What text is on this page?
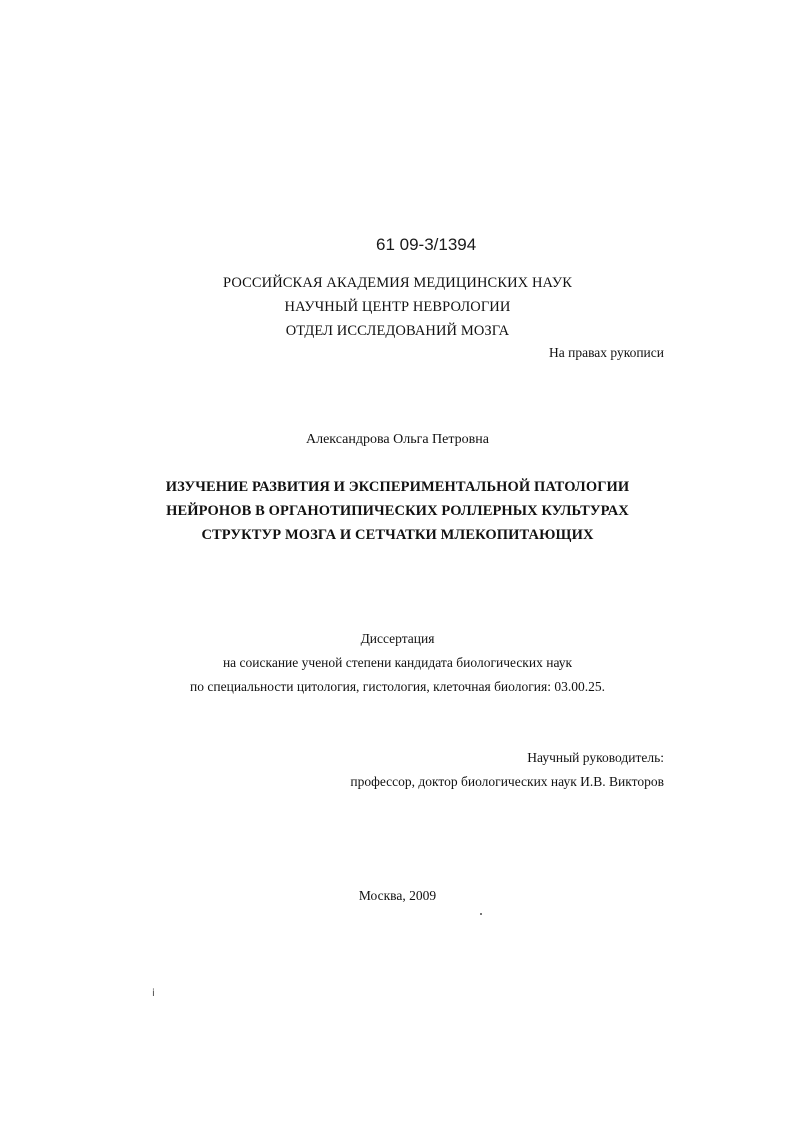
61 09-3/1394
РОССИЙСКАЯ АКАДЕМИЯ МЕДИЦИНСКИХ НАУК
НАУЧНЫЙ ЦЕНТР НЕВРОЛОГИИ
ОТДЕЛ ИССЛЕДОВАНИЙ МОЗГА
На правах рукописи
Александрова Ольга Петровна
ИЗУЧЕНИЕ РАЗВИТИЯ И ЭКСПЕРИМЕНТАЛЬНОЙ ПАТОЛОГИИ
НЕЙРОНОВ В ОРГАНОТИПИЧЕСКИХ РОЛЛЕРНЫХ КУЛЬТУРАХ
СТРУКТУР МОЗГА И СЕТЧАТКИ МЛЕКОПИТАЮЩИХ
Диссертация
на соискание ученой степени кандидата биологических наук
по специальности цитология, гистология, клеточная биология: 03.00.25.
Научный руководитель:
профессор, доктор биологических наук И.В. Викторов
Москва, 2009
i
